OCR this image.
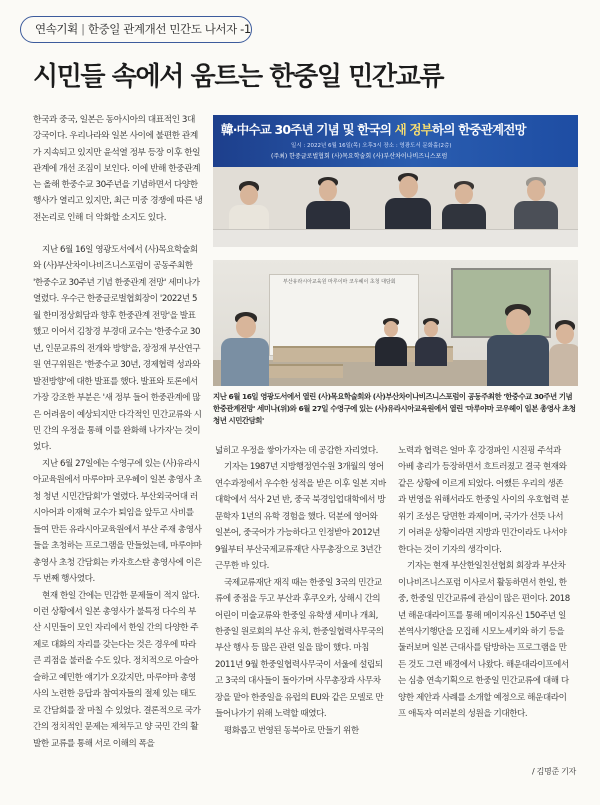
연속기획 | 한중일 관계개선 민간도 나서자 -1
시민들 속에서 움트는 한중일 민간교류

한국과 중국, 일본은 동아시아의 대표적인 3대 강국이다. 우리나라와 일본 사이에 불편한 관계가 지속되고 있지만 윤석열 정부 등장 이후 한일관계에 개선 조짐이 보인다. 이에 반해 한중관계는 올해 한중수교 30주년을 기념하면서 다양한 행사가 열리고 있지만, 최근 미중 경쟁에 따른 냉전논리로 인해 더 악화할 소지도 있다.

韓·中수교 30주년 기념 및 한국의 새 정부하의 한중관계전망
일시 : 2022년 6월 16일(목) 오후3시 장소 : 영광도서 문화홀(2층)
(주최) 한중글로벌협회 (사)목요학술회 (사)부산차이나비즈니스포럼
부산유라시아교육원 마루이마 코우헤이 초청 대담회
지난 6월 16일 영광도서에서 열린 (사)목요학술회와 (사)부산차이나비즈니스포럼이 공동주최한 '한중수교 30주년 기념 한중관계전망' 세미나(위)와 6월 27일 수영구에 있는 (사)유라시아교육원에서 열린 '마루야마 코우헤이 일본 총영사 초청 청년 시민간담회'

지난 6월 16일 영광도서에서 (사)목요학술회와 (사)부산차이나비즈니스포럼이 공동주최한 '한중수교 30주년 기념 한중관계 전망' 세미나가 열렸다. 우수근 한중글로벌협회장이 '2022년 5월 한미정상회담과 향후 한중관계 전망'을 발표했고 이어서 김창경 부경대 교수는 '한중수교 30년, 인문교류의 전개와 방향'을, 장정재 부산연구원 연구위원은 '한중수교 30년, 경제협력 성과와 발전방향'에 대한 발표를 했다. 발표와 토론에서 가장 강조한 부분은 '새 정부 들어 한중관계에 많은 어려움이 예상되지만 다각적인 민간교류와 시민 간의 우정을 통해 이를 완화해 나가자'는 것이었다.

지난 6월 27일에는 수영구에 있는 (사)유라시아교육원에서 마루야마 코우헤이 일본 총영사 초청 청년 시민간담회'가 열렸다. 부산외국어대 러시아어과 이재혁 교수가 퇴임을 앞두고 사비를 들여 만든 유라시아교육원에서 부산 주재 총영사들을 초청하는 프로그램을 만들었는데, 마루야마 총영사 초청 간담회는 카자흐스탄 총영사에 이은 두 번째 행사였다.

현재 한일 간에는 민감한 문제들이 적지 않다. 이런 상황에서 일본 총영사가 불특정 다수의 부산 시민들이 모인 자리에서 한일 간의 다양한 주제로 대화의 자리를 갖는다는 것은 경우에 따라 큰 괴점을 불러올 수도 있다. 정치적으로 아슬아슬하고 예민한 얘기가 오갔지만, 마루야마 총영사의 노련한 응답과 참여자들의 절제 있는 태도로 간담회를 잘 마칠 수 있었다. 결론적으로 국가 간의 정치적인 문제는 제쳐두고 양 국민 간의 활발한 교류를 통해 서로 이해의 폭을

넓히고 우정을 쌓아가자는 데 공감한 자리였다.

기자는 1987년 지방행정연수원 3개월의 영어연수과정에서 우수한 성적을 받은 이후 일본 지바대학에서 석사 2년 반, 중국 북경임업대학에서 방문학자 1년의 유학 경험을 했다. 덕분에 영어와 일본어, 중국어가 가능하다고 인정받아 2012년 9월부터 부산국제교류재단 사무총장으로 3년간 근무한 바 있다.

국제교류재단 재직 때는 한중일 3국의 민간교류에 중점을 두고 부산과 후쿠오카, 상해시 간의 어린이 미술교류와 한중일 유학생 세미나 개최, 한중일 원로회의 부산 유치, 한중일협력사무국의 부산 행사 등 많은 관련 일을 많이 했다. 마침 2011년 9월 한중일협력사무국이 서울에 설립되고 3국의 대사들이 돌아가며 사무총장과 사무차장을 맡아 한중일을 유럽의 EU와 같은 모델로 만들어나가기 위해 노력할 때였다.

평화롭고 번영된 동북아로 만들기 위한

노력과 협력은 얼마 후 강경파인 시진핑 주석과 아베 총리가 등장하면서 흐트러졌고 결국 현재와 같은 상황에 이르게 되었다. 어쨌든 우리의 생존과 번영을 위해서라도 한중일 사이의 우호협력 분위기 조성은 당면한 과제이며, 국가가 선뜻 나서기 어려운 상황이라면 지방과 민간이라도 나서야 한다는 것이 기자의 생각이다.

기자는 현재 부산한일친선협회 회장과 부산차이나비즈니스포럼 이사로서 활동하면서 한일, 한중, 한중일 민간교류에 관심이 많은 편이다. 2018년 해운대라이프를 통해 메이지유신 150주년 일본역사기행단을 모집해 시모노세키와 하기 등을 둘러보며 일본 근대사를 탐방하는 프로그램을 만든 것도 그런 배경에서 나왔다. 해운대라이프에서는 심층 연속기획으로 한중일 민간교류에 대해 다양한 제안과 사례를 소개할 예정으로 해운대라이프 애독자 여러분의 성원을 기대한다.

/ 김명준 기자
